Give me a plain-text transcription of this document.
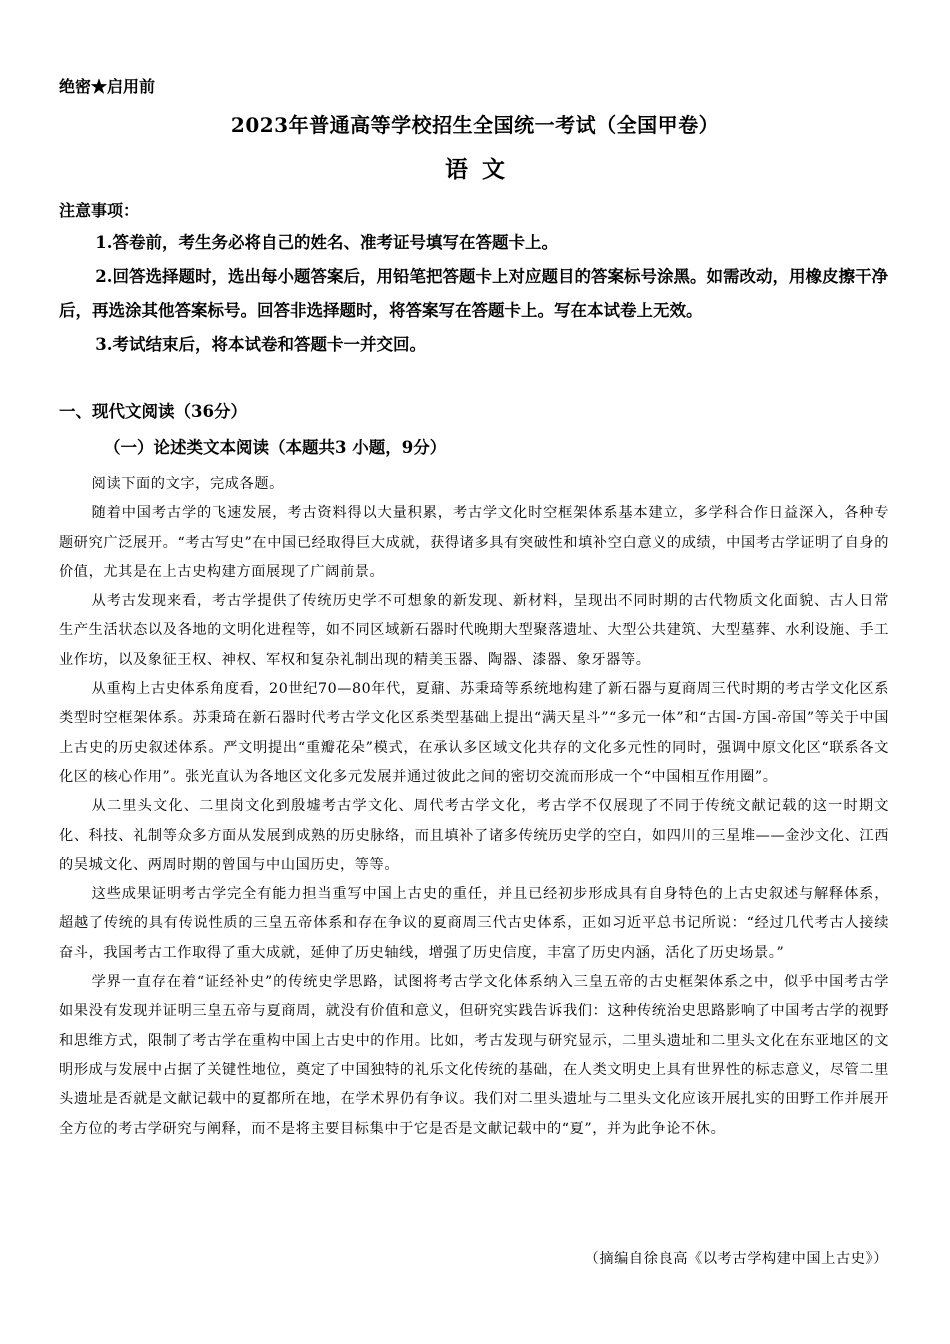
绝密★启用前
2023年普通高等学校招生全国统一考试（全国甲卷）
语文
注意事项：

1.答卷前，考生务必将自己的姓名、准考证号填写在答题卡上。

2.回答选择题时，选出每小题答案后，用铅笔把答题卡上对应题目的答案标号涂黑。如需改动，用橡皮擦干净后，再选涂其他答案标号。回答非选择题时，将答案写在答题卡上。写在本试卷上无效。

3.考试结束后，将本试卷和答题卡一并交回。

一、现代文阅读（36分）
（一）论述类文本阅读（本题共3 小题，9分）

阅读下面的文字，完成各题。

随着中国考古学的飞速发展，考古资料得以大量积累，考古学文化时空框架体系基本建立，多学科合作日益深入，各种专题研究广泛展开。“考古写史”在中国已经取得巨大成就，获得诸多具有突破性和填补空白意义的成绩，中国考古学证明了自身的价值，尤其是在上古史构建方面展现了广阔前景。

从考古发现来看，考古学提供了传统历史学不可想象的新发现、新材料，呈现出不同时期的古代物质文化面貌、古人日常生产生活状态以及各地的文明化进程等，如不同区域新石器时代晚期大型聚落遗址、大型公共建筑、大型墓葬、水利设施、手工业作坊，以及象征王权、神权、军权和复杂礼制出现的精美玉器、陶器、漆器、象牙器等。

从重构上古史体系角度看，20世纪70—80年代，夏鼐、苏秉琦等系统地构建了新石器与夏商周三代时期的考古学文化区系类型时空框架体系。苏秉琦在新石器时代考古学文化区系类型基础上提出“满天星斗”“多元一体”和“古国-方国-帝国”等关于中国上古史的历史叙述体系。严文明提出“重瓣花朵”模式，在承认多区域文化共存的文化多元性的同时，强调中原文化区“联系各文化区的核心作用”。张光直认为各地区文化多元发展并通过彼此之间的密切交流而形成一个“中国相互作用圈”。

从二里头文化、二里岗文化到殷墟考古学文化、周代考古学文化，考古学不仅展现了不同于传统文献记载的这一时期文化、科技、礼制等众多方面从发展到成熟的历史脉络，而且填补了诸多传统历史学的空白，如四川的三星堆——金沙文化、江西的吴城文化、两周时期的曾国与中山国历史，等等。

这些成果证明考古学完全有能力担当重写中国上古史的重任，并且已经初步形成具有自身特色的上古史叙述与解释体系，超越了传统的具有传说性质的三皇五帝体系和存在争议的夏商周三代古史体系，正如习近平总书记所说：“经过几代考古人接续奋斗，我国考古工作取得了重大成就，延伸了历史轴线，增强了历史信度，丰富了历史内涵，活化了历史场景。”

学界一直存在着“证经补史”的传统史学思路，试图将考古学文化体系纳入三皇五帝的古史框架体系之中，似乎中国考古学如果没有发现并证明三皇五帝与夏商周，就没有价值和意义，但研究实践告诉我们：这种传统治史思路影响了中国考古学的视野和思维方式，限制了考古学在重构中国上古史中的作用。比如，考古发现与研究显示，二里头遗址和二里头文化在东亚地区的文明形成与发展中占据了关键性地位，奠定了中国独特的礼乐文化传统的基础，在人类文明史上具有世界性的标志意义，尽管二里头遗址是否就是文献记载中的夏都所在地，在学术界仍有争议。我们对二里头遗址与二里头文化应该开展扎实的田野工作并展开全方位的考古学研究与阐释，而不是将主要目标集中于它是否是文献记载中的“夏”，并为此争论不休。

（摘编自徐良高《以考古学构建中国上古史》）
